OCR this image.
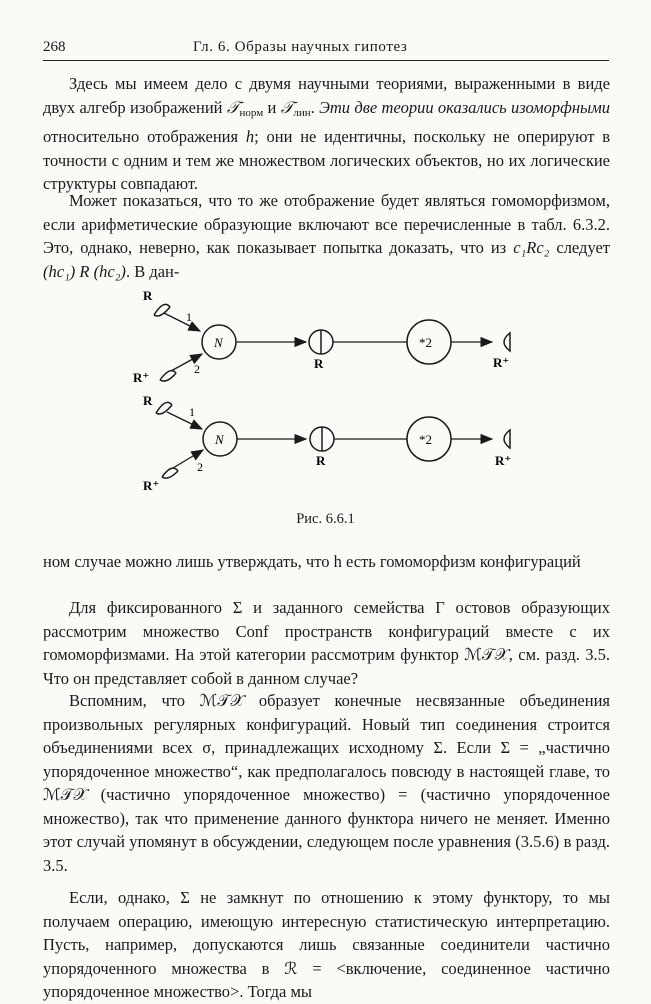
268	Гл. 6. Образы научных гипотез

Здесь мы имеем дело с двумя научными теориями, выраженными в виде двух алгебр изображений 𝒯$_{норм}$ и 𝒯$_{лин}$. Эти две теории оказались изоморфными относительно отображения h; они не идентичны, поскольку не оперируют в точности с одним и тем же множеством логических объектов, но их логические структуры совпадают.

Может показаться, что то же отображение будет являться гомоморфизмом, если арифметические образующие включают все перечисленные в табл. 6.3.2. Это, однако, неверно, как показывает попытка доказать, что из c₁Rc₂ следует (hc₁) R (hc₂). В дан-

R
1
R⁺
2
N
R
*2
R⁺
R
1
R⁺
2
N
R
*2
R⁺
Рис. 6.6.1

ном случае можно лишь утверждать, что h есть гомоморфизм конфигураций

Для фиксированного Σ и заданного семейства Γ остовов образующих рассмотрим множество Conf пространств конфигураций вместе с их гомоморфизмами. На этой категории рассмотрим функтор ℳ𝒯𝒳, см. разд. 3.5. Что он представляет собой в данном случае?

Вспомним, что ℳ𝒯𝒳 образует конечные несвязанные объединения произвольных регулярных конфигураций. Новый тип соединения строится объединениями всех σ, принадлежащих исходному Σ. Если Σ = „частично упорядоченное множество“, как предполагалось повсюду в настоящей главе, то ℳ𝒯𝒳 (частично упорядоченное множество) = (частично упорядоченное множество), так что применение данного функтора ничего не меняет. Именно этот случай упомянут в обсуждении, следующем после уравнения (3.5.6) в разд. 3.5.

Если, однако, Σ не замкнут по отношению к этому функтору, то мы получаем операцию, имеющую интересную статистическую интерпретацию. Пусть, например, допускаются лишь связанные соединители частично упорядоченного множества в ℛ = <включение, соединенное частично упорядоченное множество>. Тогда мы
